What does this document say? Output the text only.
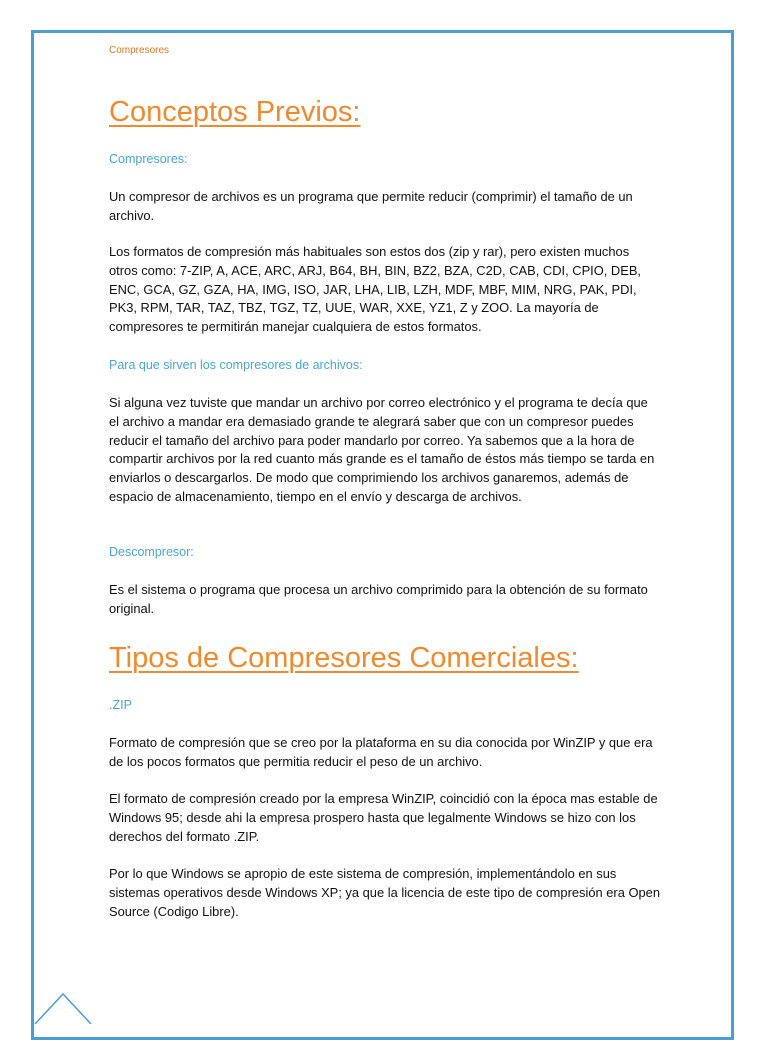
Compresores
Conceptos Previos:
Compresores:

Un compresor de archivos es un programa que permite reducir (comprimir) el tamaño de un archivo.

Los formatos de compresión más habituales son estos dos (zip y rar), pero existen muchos otros como: 7-ZIP, A, ACE, ARC, ARJ, B64, BH, BIN, BZ2, BZA, C2D, CAB, CDI, CPIO, DEB, ENC, GCA, GZ, GZA, HA, IMG, ISO, JAR, LHA, LIB, LZH, MDF, MBF, MIM, NRG, PAK, PDI, PK3, RPM, TAR, TAZ, TBZ, TGZ, TZ, UUE, WAR, XXE, YZ1, Z y ZOO. La mayoría de compresores te permitirán manejar cualquiera de estos formatos.

Para que sirven los compresores de archivos:

Si alguna vez tuviste que mandar un archivo por correo electrónico y el programa te decía que el archivo a mandar era demasiado grande te alegrará saber que con un compresor puedes reducir el tamaño del archivo para poder mandarlo por correo. Ya sabemos que a la hora de compartir archivos por la red cuanto más grande es el tamaño de éstos más tiempo se tarda en enviarlos o descargarlos. De modo que comprimiendo los archivos ganaremos, además de espacio de almacenamiento, tiempo en el envío y descarga de archivos.

Descompresor:

Es el sistema o programa que procesa un archivo comprimido para la obtención de su formato original.

Tipos de Compresores Comerciales:
.ZIP

Formato de compresión que se creo por la plataforma en su dia conocida por WinZIP y que era de los pocos formatos que permitia reducir el peso de un archivo.

El formato de compresión creado por la empresa WinZIP, coincidió con la época mas estable de Windows 95; desde ahi la empresa prospero hasta que legalmente Windows se hizo con los derechos del formato .ZIP.

Por lo que Windows se apropio de este sistema de compresión, implementándolo en sus sistemas operativos desde Windows XP; ya que la licencia de este tipo de compresión era Open Source (Codigo Libre).
